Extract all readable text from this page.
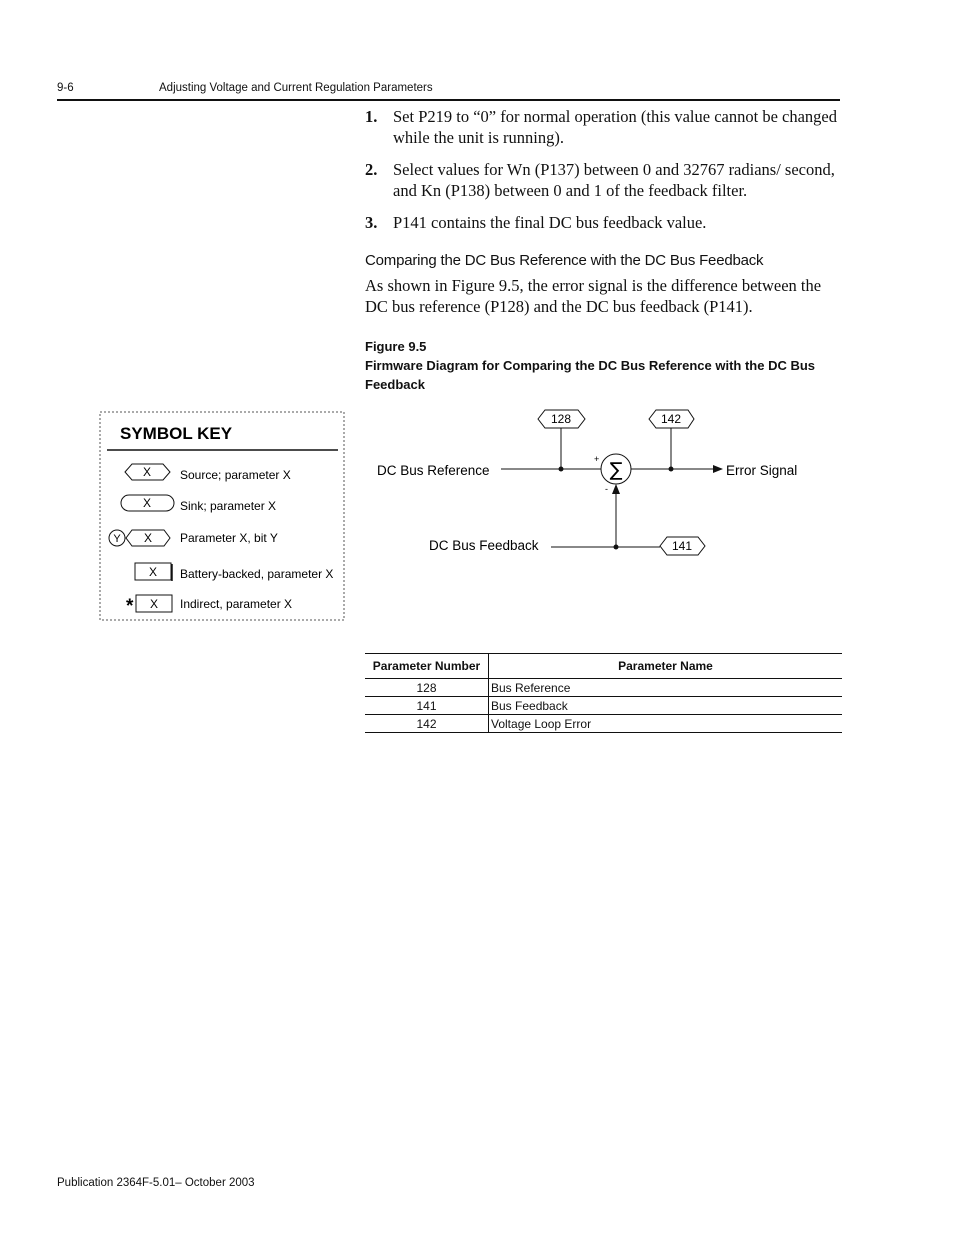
9-6	Adjusting Voltage and Current Regulation Parameters
1. Set P219 to “0” for normal operation (this value cannot be changed while the unit is running).
2. Select values for Wn (P137) between 0 and 32767 radians/ second, and Kn (P138) between 0 and 1 of the feedback filter.
3. P141 contains the final DC bus feedback value.
Comparing the DC Bus Reference with the DC Bus Feedback
As shown in Figure 9.5, the error signal is the difference between the DC bus reference (P128) and the DC bus feedback (P141).
Figure 9.5
Firmware Diagram for Comparing the DC Bus Reference with the DC Bus Feedback
SYMBOL KEY
X Source; parameter X
X Sink; parameter X
Y X Parameter X, bit Y
X Battery-backed, parameter X
* X Indirect, parameter X
DC Bus Reference
DC Bus Feedback
Error Signal
+ ∑
-
128	142
141
Parameter Number	Parameter Name
128	Bus Reference
141	Bus Feedback
142	Voltage Loop Error
Publication 2364F-5.01– October 2003
